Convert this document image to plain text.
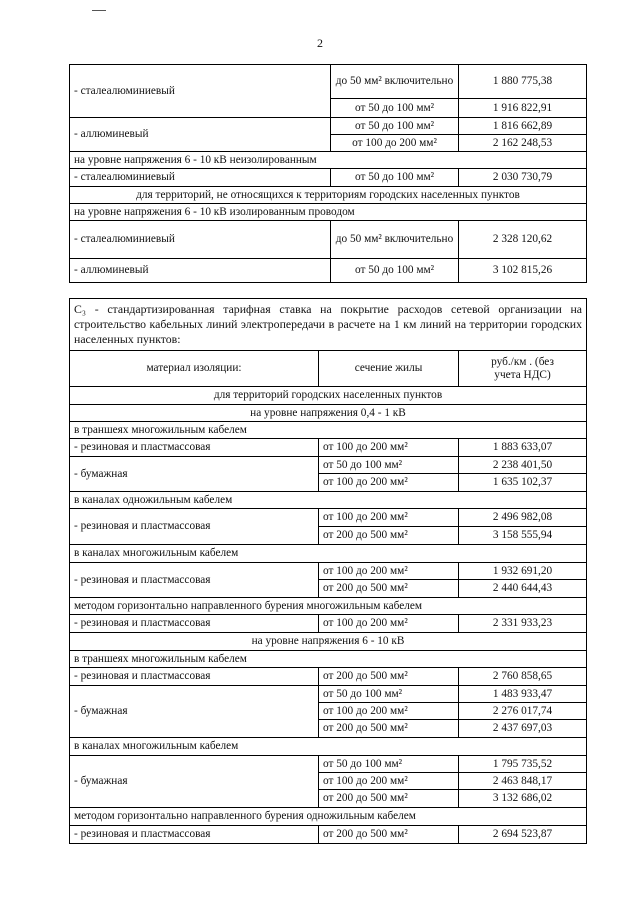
2
- сталеалюминиевый	до 50 мм² включительно	1 880 775,38
	от 50 до 100 мм²	1 916 822,91
- аллюминевый	от 50 до 100 мм²	1 816 662,89
	от 100 до 200 мм²	2 162 248,53
на уровне напряжения 6 - 10 кВ неизолированным		
- сталеалюминиевый	от 50 до 100 мм²	2 030 730,79
для территорий, не относящихся к территориям городских населенных пунктов		
на уровне напряжения 6 - 10 кВ изолированным проводом		
- сталеалюминиевый	до 50 мм² включительно	2 328 120,62
- аллюминевый	от 50 до 100 мм²	3 102 815,26
С₃ - стандартизированная тарифная ставка на покрытие расходов сетевой организации на строительство кабельных линий электропередачи в расчете на 1 км линий на территории городских населенных пунктов:		
материал изоляции:	сечение жилы	руб./км . (без учета НДС)
для территорий городских населенных пунктов		
на уровне напряжения 0,4 - 1 кВ		
в траншеях многожильным кабелем		
- резиновая и пластмассовая	от 100 до 200 мм²	1 883 633,07
- бумажная	от 50 до 100 мм²	2 238 401,50
	от 100 до 200 мм²	1 635 102,37
в каналах одножильным кабелем		
- резиновая и пластмассовая	от 100 до 200 мм²	2 496 982,08
	от 200 до 500 мм²	3 158 555,94
в каналах многожильным кабелем		
- резиновая и пластмассовая	от 100 до 200 мм²	1 932 691,20
	от 200 до 500 мм²	2 440 644,43
методом горизонтально направленного бурения многожильным кабелем		
- резиновая и пластмассовая	от 100 до 200 мм²	2 331 933,23
на уровне напряжения 6 - 10 кВ		
в траншеях многожильным кабелем		
- резиновая и пластмассовая	от 200 до 500 мм²	2 760 858,65
- бумажная	от 50 до 100 мм²	1 483 933,47
	от 100 до 200 мм²	2 276 017,74
	от 200 до 500 мм²	2 437 697,03
в каналах многожильным кабелем		
- бумажная	от 50 до 100 мм²	1 795 735,52
	от 100 до 200 мм²	2 463 848,17
	от 200 до 500 мм²	3 132 686,02
методом горизонтально направленного бурения одножильным кабелем		
- резиновая и пластмассовая	от 200 до 500 мм²	2 694 523,87
